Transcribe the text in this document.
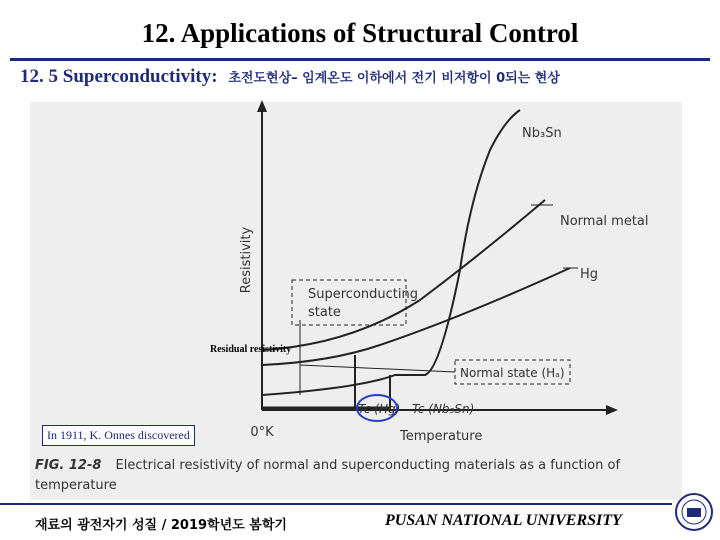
12. Applications of Structural Control
12. 5 Superconductivity: 초전도현상– 임계온도 이하에서 전기 비저항이 0되는 현상
Resistivity
Temperature
0°K
Nb₃Sn
Normal metal
Hg
Superconducting
state
Normal state (Hₐ)
Tc (Hg) Tc (Nb₃Sn)
Residual resistivity
In 1911, K. Onnes discovered
FIG. 12-8 Electrical resistivity of normal and superconducting materials as a function of temperature
재료의 광전자기 성질 / 2019학년도 봄학기	PUSAN NATIONAL UNIVERSITY
